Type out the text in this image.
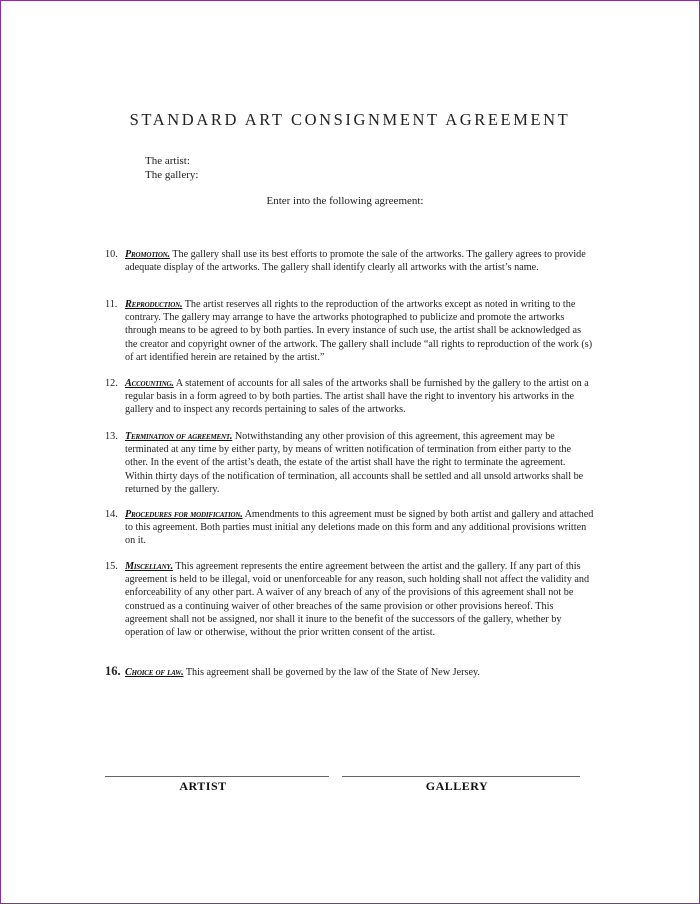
STANDARD ART CONSIGNMENT AGREEMENT
The artist:
The gallery:
Enter into the following agreement:
10. Promotion. The gallery shall use its best efforts to promote the sale of the artworks. The gallery agrees to provide adequate display of the artworks. The gallery shall identify clearly all artworks with the artist’s name.
11. Reproduction. The artist reserves all rights to the reproduction of the artworks except as noted in writing to the contrary. The gallery may arrange to have the artworks photographed to publicize and promote the artworks through means to be agreed to by both parties. In every instance of such use, the artist shall be acknowledged as the creator and copyright owner of the artwork. The gallery shall include “all rights to reproduction of the work (s) of art identified herein are retained by the artist.”
12. Accounting. A statement of accounts for all sales of the artworks shall be furnished by the gallery to the artist on a regular basis in a form agreed to by both parties. The artist shall have the right to inventory his artworks in the gallery and to inspect any records pertaining to sales of the artworks.
13. Termination of agreement. Notwithstanding any other provision of this agreement, this agreement may be terminated at any time by either party, by means of written notification of termination from either party to the other. In the event of the artist’s death, the estate of the artist shall have the right to terminate the agreement. Within thirty days of the notification of termination, all accounts shall be settled and all unsold artworks shall be returned by the gallery.
14. Procedures for modification. Amendments to this agreement must be signed by both artist and gallery and attached to this agreement. Both parties must initial any deletions made on this form and any additional provisions written on it.
15. Miscellany. This agreement represents the entire agreement between the artist and the gallery. If any part of this agreement is held to be illegal, void or unenforceable for any reason, such holding shall not affect the validity and enforceability of any other part. A waiver of any breach of any of the provisions of this agreement shall not be construed as a continuing waiver of other breaches of the same provision or other provisions hereof. This agreement shall not be assigned, nor shall it inure to the benefit of the successors of the gallery, whether by operation of law or otherwise, without the prior written consent of the artist.
16. Choice of law. This agreement shall be governed by the law of the State of New Jersey.
ARTIST	GALLERY
